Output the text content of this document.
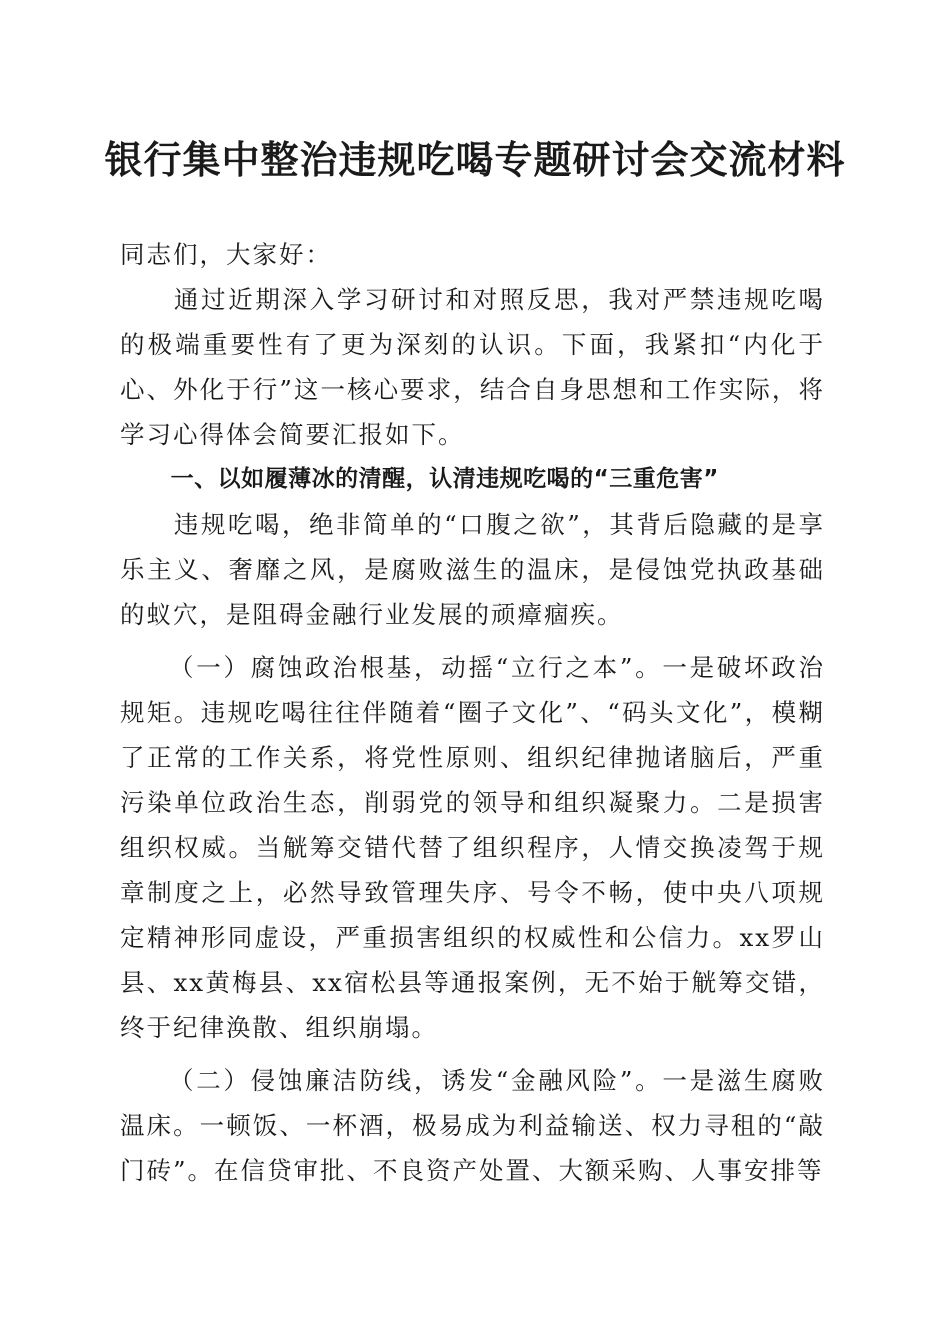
银行集中整治违规吃喝专题研讨会交流材料

同志们，大家好：

通过近期深入学习研讨和对照反思，我对严禁违规吃喝的极端重要性有了更为深刻的认识。下面，我紧扣“内化于心、外化于行”这一核心要求，结合自身思想和工作实际，将学习心得体会简要汇报如下。

一、以如履薄冰的清醒，认清违规吃喝的“三重危害”

违规吃喝，绝非简单的“口腹之欲”，其背后隐藏的是享乐主义、奢靡之风，是腐败滋生的温床，是侵蚀党执政基础的蚁穴，是阻碍金融行业发展的顽瘴痼疾。

（一）腐蚀政治根基，动摇“立行之本”。一是破坏政治规矩。违规吃喝往往伴随着“圈子文化”、“码头文化”，模糊了正常的工作关系，将党性原则、组织纪律抛诸脑后，严重污染单位政治生态，削弱党的领导和组织凝聚力。二是损害组织权威。当觥筹交错代替了组织程序，人情交换凌驾于规章制度之上，必然导致管理失序、号令不畅，使中央八项规定精神形同虚设，严重损害组织的权威性和公信力。xx罗山县、xx黄梅县、xx宿松县等通报案例，无不始于觥筹交错，终于纪律涣散、组织崩塌。

（二）侵蚀廉洁防线，诱发“金融风险”。一是滋生腐败温床。一顿饭、一杯酒，极易成为利益输送、权力寻租的“敲门砖”。在信贷审批、不良资产处置、大额采购、人事安排等
